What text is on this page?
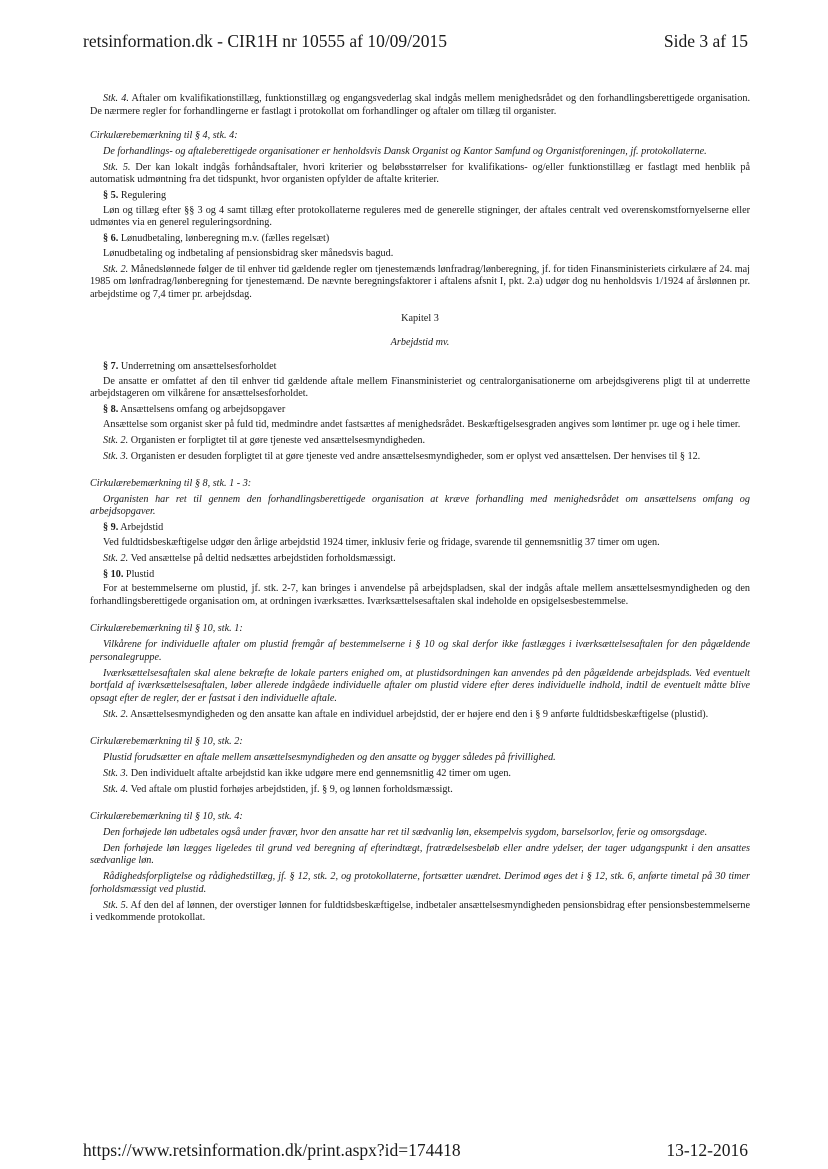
retsinformation.dk - CIR1H nr 10555 af 10/09/2015	Side 3 af 15

Stk. 4. Aftaler om kvalifikationstillæg, funktionstillæg og engangsvederlag skal indgås mellem menighedsrådet og den forhandlingsberettigede organisation. De nærmere regler for forhandlingerne er fastlagt i protokollat om forhandlinger og aftaler om tillæg til organister.

Cirkulærebemærkning til § 4, stk. 4:

De forhandlings- og aftaleberettigede organisationer er henholdsvis Dansk Organist og Kantor Samfund og Organistforeningen, jf. protokollaterne.

Stk. 5. Der kan lokalt indgås forhåndsaftaler, hvori kriterier og beløbsstørrelser for kvalifikations- og/eller funktionstillæg er fastlagt med henblik på automatisk udmøntning fra det tidspunkt, hvor organisten opfylder de aftalte kriterier.

§ 5. Regulering

Løn og tillæg efter §§ 3 og 4 samt tillæg efter protokollaterne reguleres med de generelle stigninger, der aftales centralt ved overenskomstfornyelserne eller udmøntes via en generel reguleringsordning.

§ 6. Lønudbetaling, lønberegning m.v. (fælles regelsæt)

Lønudbetaling og indbetaling af pensionsbidrag sker månedsvis bagud.

Stk. 2. Månedslønnede følger de til enhver tid gældende regler om tjenestemænds lønfradrag/lønberegning, jf. for tiden Finansministeriets cirkulære af 24. maj 1985 om lønfradrag/lønberegning for tjenestemænd. De nævnte beregningsfaktorer i aftalens afsnit I, pkt. 2.a) udgør dog nu henholdsvis 1/1924 af årslønnen pr. arbejdstime og 7,4 timer pr. arbejdsdag.

Kapitel 3

Arbejdstid mv.

§ 7. Underretning om ansættelsesforholdet

De ansatte er omfattet af den til enhver tid gældende aftale mellem Finansministeriet og centralorganisationerne om arbejdsgiverens pligt til at underrette arbejdstageren om vilkårene for ansættelsesforholdet.

§ 8. Ansættelsens omfang og arbejdsopgaver

Ansættelse som organist sker på fuld tid, medmindre andet fastsættes af menighedsrådet. Beskæftigelsesgraden angives som løntimer pr. uge og i hele timer.

Stk. 2. Organisten er forpligtet til at gøre tjeneste ved ansættelsesmyndigheden.

Stk. 3. Organisten er desuden forpligtet til at gøre tjeneste ved andre ansættelsesmyndigheder, som er oplyst ved ansættelsen. Der henvises til § 12.

Cirkulærebemærkning til § 8, stk. 1 - 3:

Organisten har ret til gennem den forhandlingsberettigede organisation at kræve forhandling med menighedsrådet om ansættelsens omfang og arbejdsopgaver.

§ 9. Arbejdstid

Ved fuldtidsbeskæftigelse udgør den årlige arbejdstid 1924 timer, inklusiv ferie og fridage, svarende til gennemsnitlig 37 timer om ugen.

Stk. 2. Ved ansættelse på deltid nedsættes arbejdstiden forholdsmæssigt.

§ 10. Plustid

For at bestemmelserne om plustid, jf. stk. 2-7, kan bringes i anvendelse på arbejdspladsen, skal der indgås aftale mellem ansættelsesmyndigheden og den forhandlingsberettigede organisation om, at ordningen iværksættes. Iværksættelsesaftalen skal indeholde en opsigelsesbestemmelse.

Cirkulærebemærkning til § 10, stk. 1:

Vilkårene for individuelle aftaler om plustid fremgår af bestemmelserne i § 10 og skal derfor ikke fastlægges i iværksættelsesaftalen for den pågældende personalegruppe.

Iværksættelsesaftalen skal alene bekræfte de lokale parters enighed om, at plustidsordningen kan anvendes på den pågældende arbejdsplads. Ved eventuelt bortfald af iværksættelsesaftalen, løber allerede indgåede individuelle aftaler om plustid videre efter deres individuelle indhold, indtil de eventuelt måtte blive opsagt efter de regler, der er fastsat i den individuelle aftale.

Stk. 2. Ansættelsesmyndigheden og den ansatte kan aftale en individuel arbejdstid, der er højere end den i § 9 anførte fuldtidsbeskæftigelse (plustid).

Cirkulærebemærkning til § 10, stk. 2:

Plustid forudsætter en aftale mellem ansættelsesmyndigheden og den ansatte og bygger således på frivillighed.

Stk. 3. Den individuelt aftalte arbejdstid kan ikke udgøre mere end gennemsnitlig 42 timer om ugen.

Stk. 4. Ved aftale om plustid forhøjes arbejdstiden, jf. § 9, og lønnen forholdsmæssigt.

Cirkulærebemærkning til § 10, stk. 4:

Den forhøjede løn udbetales også under fravær, hvor den ansatte har ret til sædvanlig løn, eksempelvis sygdom, barselsorlov, ferie og omsorgsdage.

Den forhøjede løn lægges ligeledes til grund ved beregning af efterindtægt, fratrædelsesbeløb eller andre ydelser, der tager udgangspunkt i den ansattes sædvanlige løn.

Rådighedsforpligtelse og rådighedstillæg, jf. § 12, stk. 2, og protokollaterne, fortsætter uændret. Derimod øges det i § 12, stk. 6, anførte timetal på 30 timer forholdsmæssigt ved plustid.

Stk. 5. Af den del af lønnen, der overstiger lønnen for fuldtidsbeskæftigelse, indbetaler ansættelsesmyndigheden pensionsbidrag efter pensionsbestemmelserne i vedkommende protokollat.

https://www.retsinformation.dk/print.aspx?id=174418	13-12-2016
